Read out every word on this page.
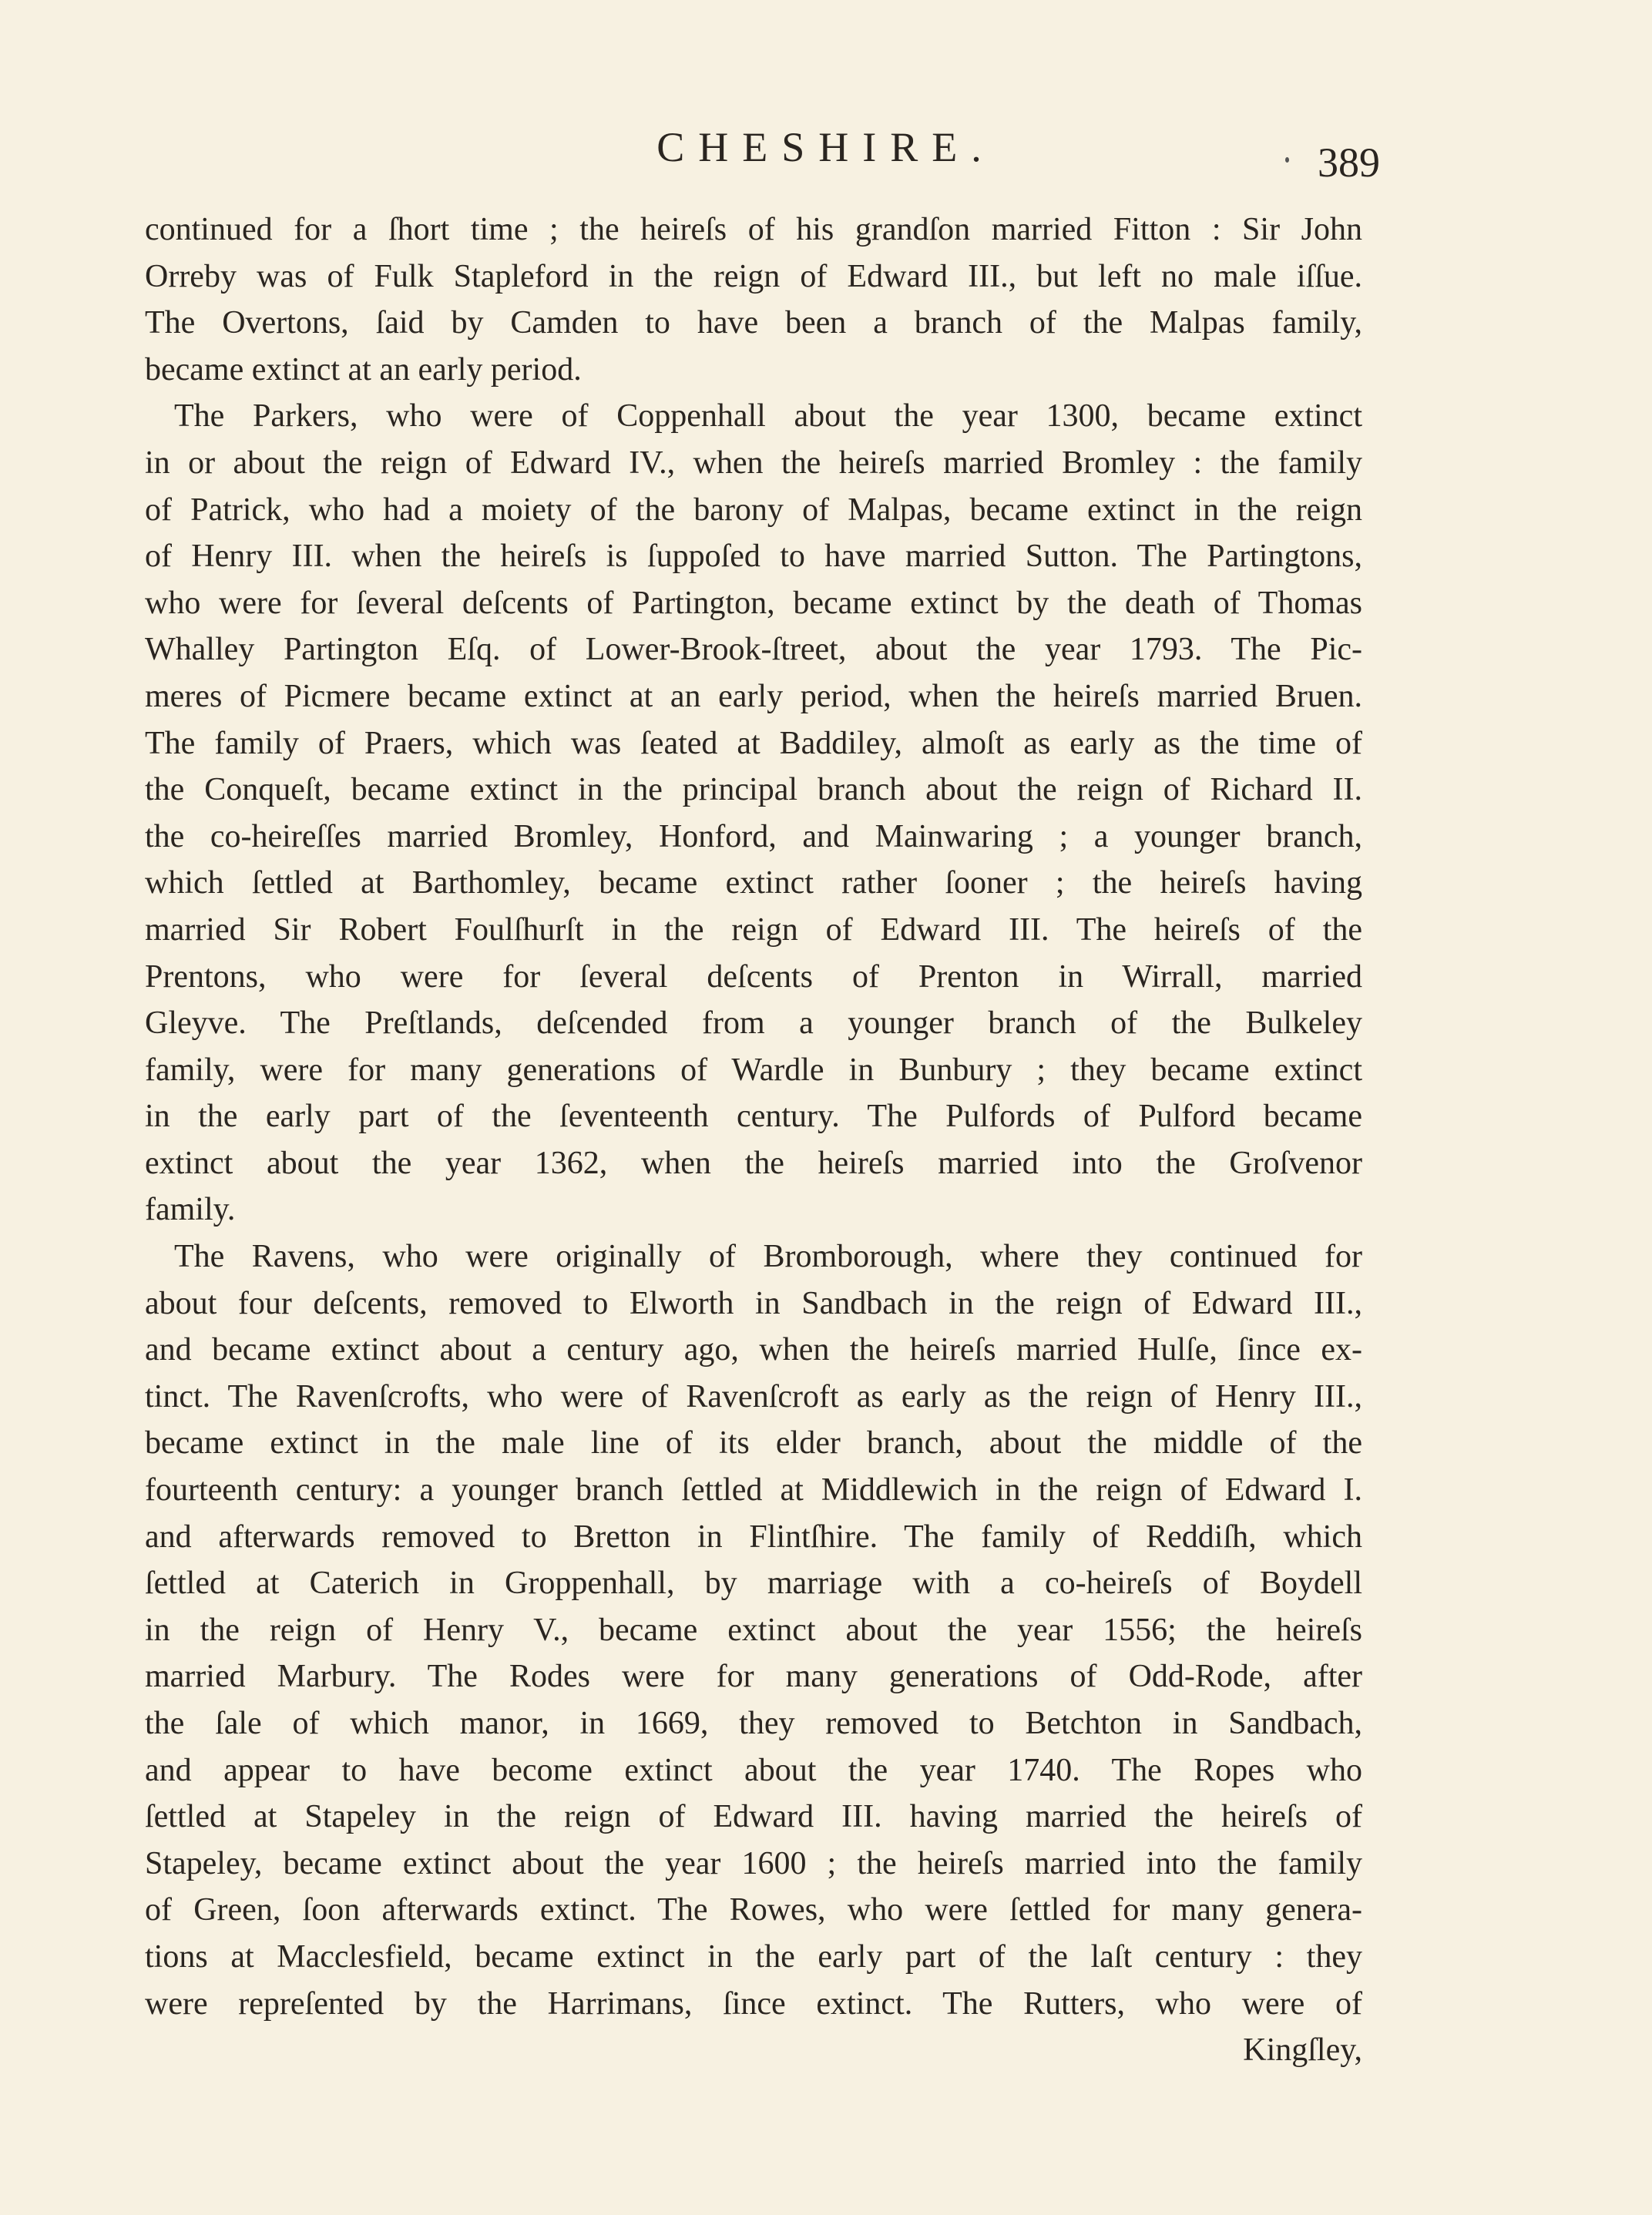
CHESHIRE.	389
continued for a ſhort time ; the heireſs of his grandſon married Fitton : Sir John
Orreby was of Fulk Stapleford in the reign of Edward III., but left no male iſſue.
The Overtons, ſaid by Camden to have been a branch of the Malpas family,
became extinct at an early period.
The Parkers, who were of Coppenhall about the year 1300, became extinct
in or about the reign of Edward IV., when the heireſs married Bromley : the family
of Patrick, who had a moiety of the barony of Malpas, became extinct in the reign
of Henry III. when the heireſs is ſuppoſed to have married Sutton. The Partingtons,
who were for ſeveral deſcents of Partington, became extinct by the death of Thomas
Whalley Partington Eſq. of Lower-Brook-ſtreet, about the year 1793. The Pic-
meres of Picmere became extinct at an early period, when the heireſs married Bruen.
The family of Praers, which was ſeated at Baddiley, almoſt as early as the time of
the Conqueſt, became extinct in the principal branch about the reign of Richard II.
the co-heireſſes married Bromley, Honford, and Mainwaring ; a younger branch,
which ſettled at Barthomley, became extinct rather ſooner ; the heireſs having
married Sir Robert Foulſhurſt in the reign of Edward III. The heireſs of the
Prentons, who were for ſeveral deſcents of Prenton in Wirrall, married
Gleyve. The Preſtlands, deſcended from a younger branch of the Bulkeley
family, were for many generations of Wardle in Bunbury ; they became extinct
in the early part of the ſeventeenth century. The Pulfords of Pulford became
extinct about the year 1362, when the heireſs married into the Groſvenor
family.
The Ravens, who were originally of Bromborough, where they continued for
about four deſcents, removed to Elworth in Sandbach in the reign of Edward III.,
and became extinct about a century ago, when the heireſs married Hulſe, ſince ex-
tinct. The Ravenſcrofts, who were of Ravenſcroft as early as the reign of Henry III.,
became extinct in the male line of its elder branch, about the middle of the
fourteenth century: a younger branch ſettled at Middlewich in the reign of Edward I.
and afterwards removed to Bretton in Flintſhire. The family of Reddiſh, which
ſettled at Caterich in Groppenhall, by marriage with a co-heireſs of Boydell
in the reign of Henry V., became extinct about the year 1556; the heireſs
married Marbury. The Rodes were for many generations of Odd-Rode, after
the ſale of which manor, in 1669, they removed to Betchton in Sandbach,
and appear to have become extinct about the year 1740. The Ropes who
ſettled at Stapeley in the reign of Edward III. having married the heireſs of
Stapeley, became extinct about the year 1600 ; the heireſs married into the family
of Green, ſoon afterwards extinct. The Rowes, who were ſettled for many genera-
tions at Macclesfield, became extinct in the early part of the laſt century : they
were repreſented by the Harrimans, ſince extinct. The Rutters, who were of
Kingſley,
